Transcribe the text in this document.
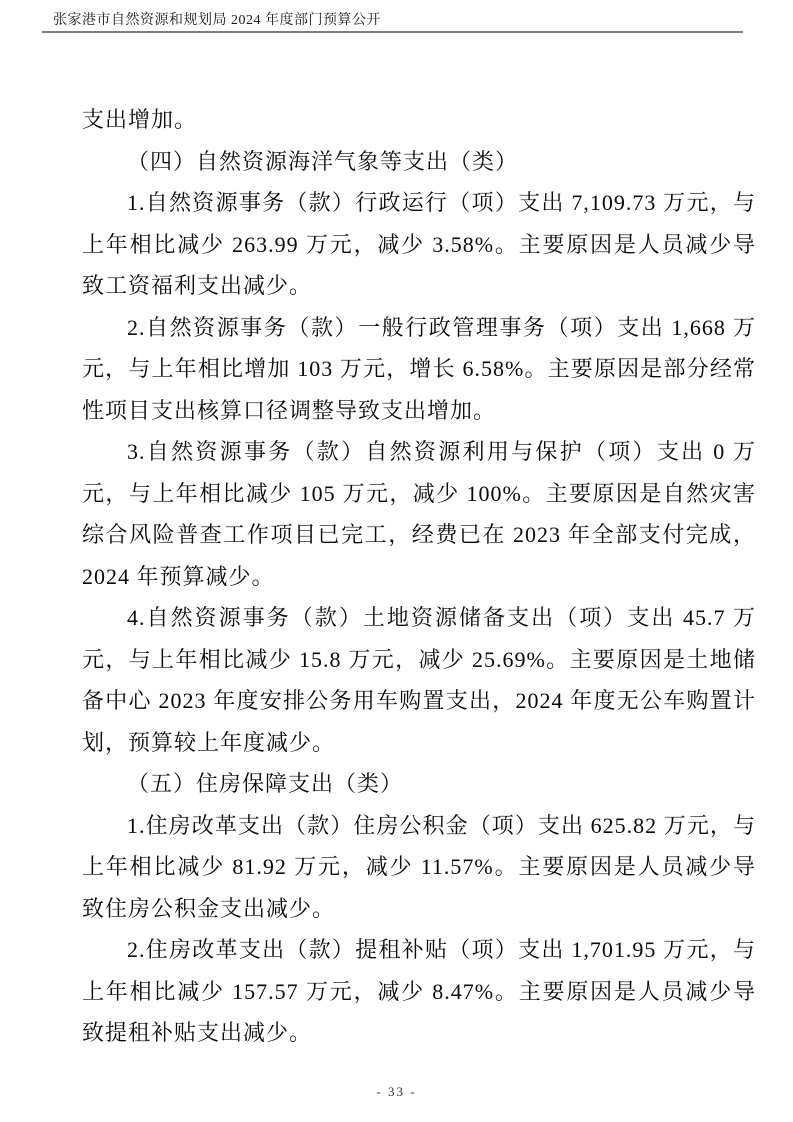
张家港市自然资源和规划局 2024 年度部门预算公开

支出增加。

（四）自然资源海洋气象等支出（类）

1.自然资源事务（款）行政运行（项）支出 7,109.73 万元，与上年相比减少 263.99 万元，减少 3.58%。主要原因是人员减少导致工资福利支出减少。

2.自然资源事务（款）一般行政管理事务（项）支出 1,668 万元，与上年相比增加 103 万元，增长 6.58%。主要原因是部分经常性项目支出核算口径调整导致支出增加。

3.自然资源事务（款）自然资源利用与保护（项）支出 0 万元，与上年相比减少 105 万元，减少 100%。主要原因是自然灾害综合风险普查工作项目已完工，经费已在 2023 年全部支付完成，2024 年预算减少。

4.自然资源事务（款）土地资源储备支出（项）支出 45.7 万元，与上年相比减少 15.8 万元，减少 25.69%。主要原因是土地储备中心 2023 年度安排公务用车购置支出，2024 年度无公车购置计划，预算较上年度减少。

（五）住房保障支出（类）

1.住房改革支出（款）住房公积金（项）支出 625.82 万元，与上年相比减少 81.92 万元，减少 11.57%。主要原因是人员减少导致住房公积金支出减少。

2.住房改革支出（款）提租补贴（项）支出 1,701.95 万元，与上年相比减少 157.57 万元，减少 8.47%。主要原因是人员减少导致提租补贴支出减少。

- 33 -
